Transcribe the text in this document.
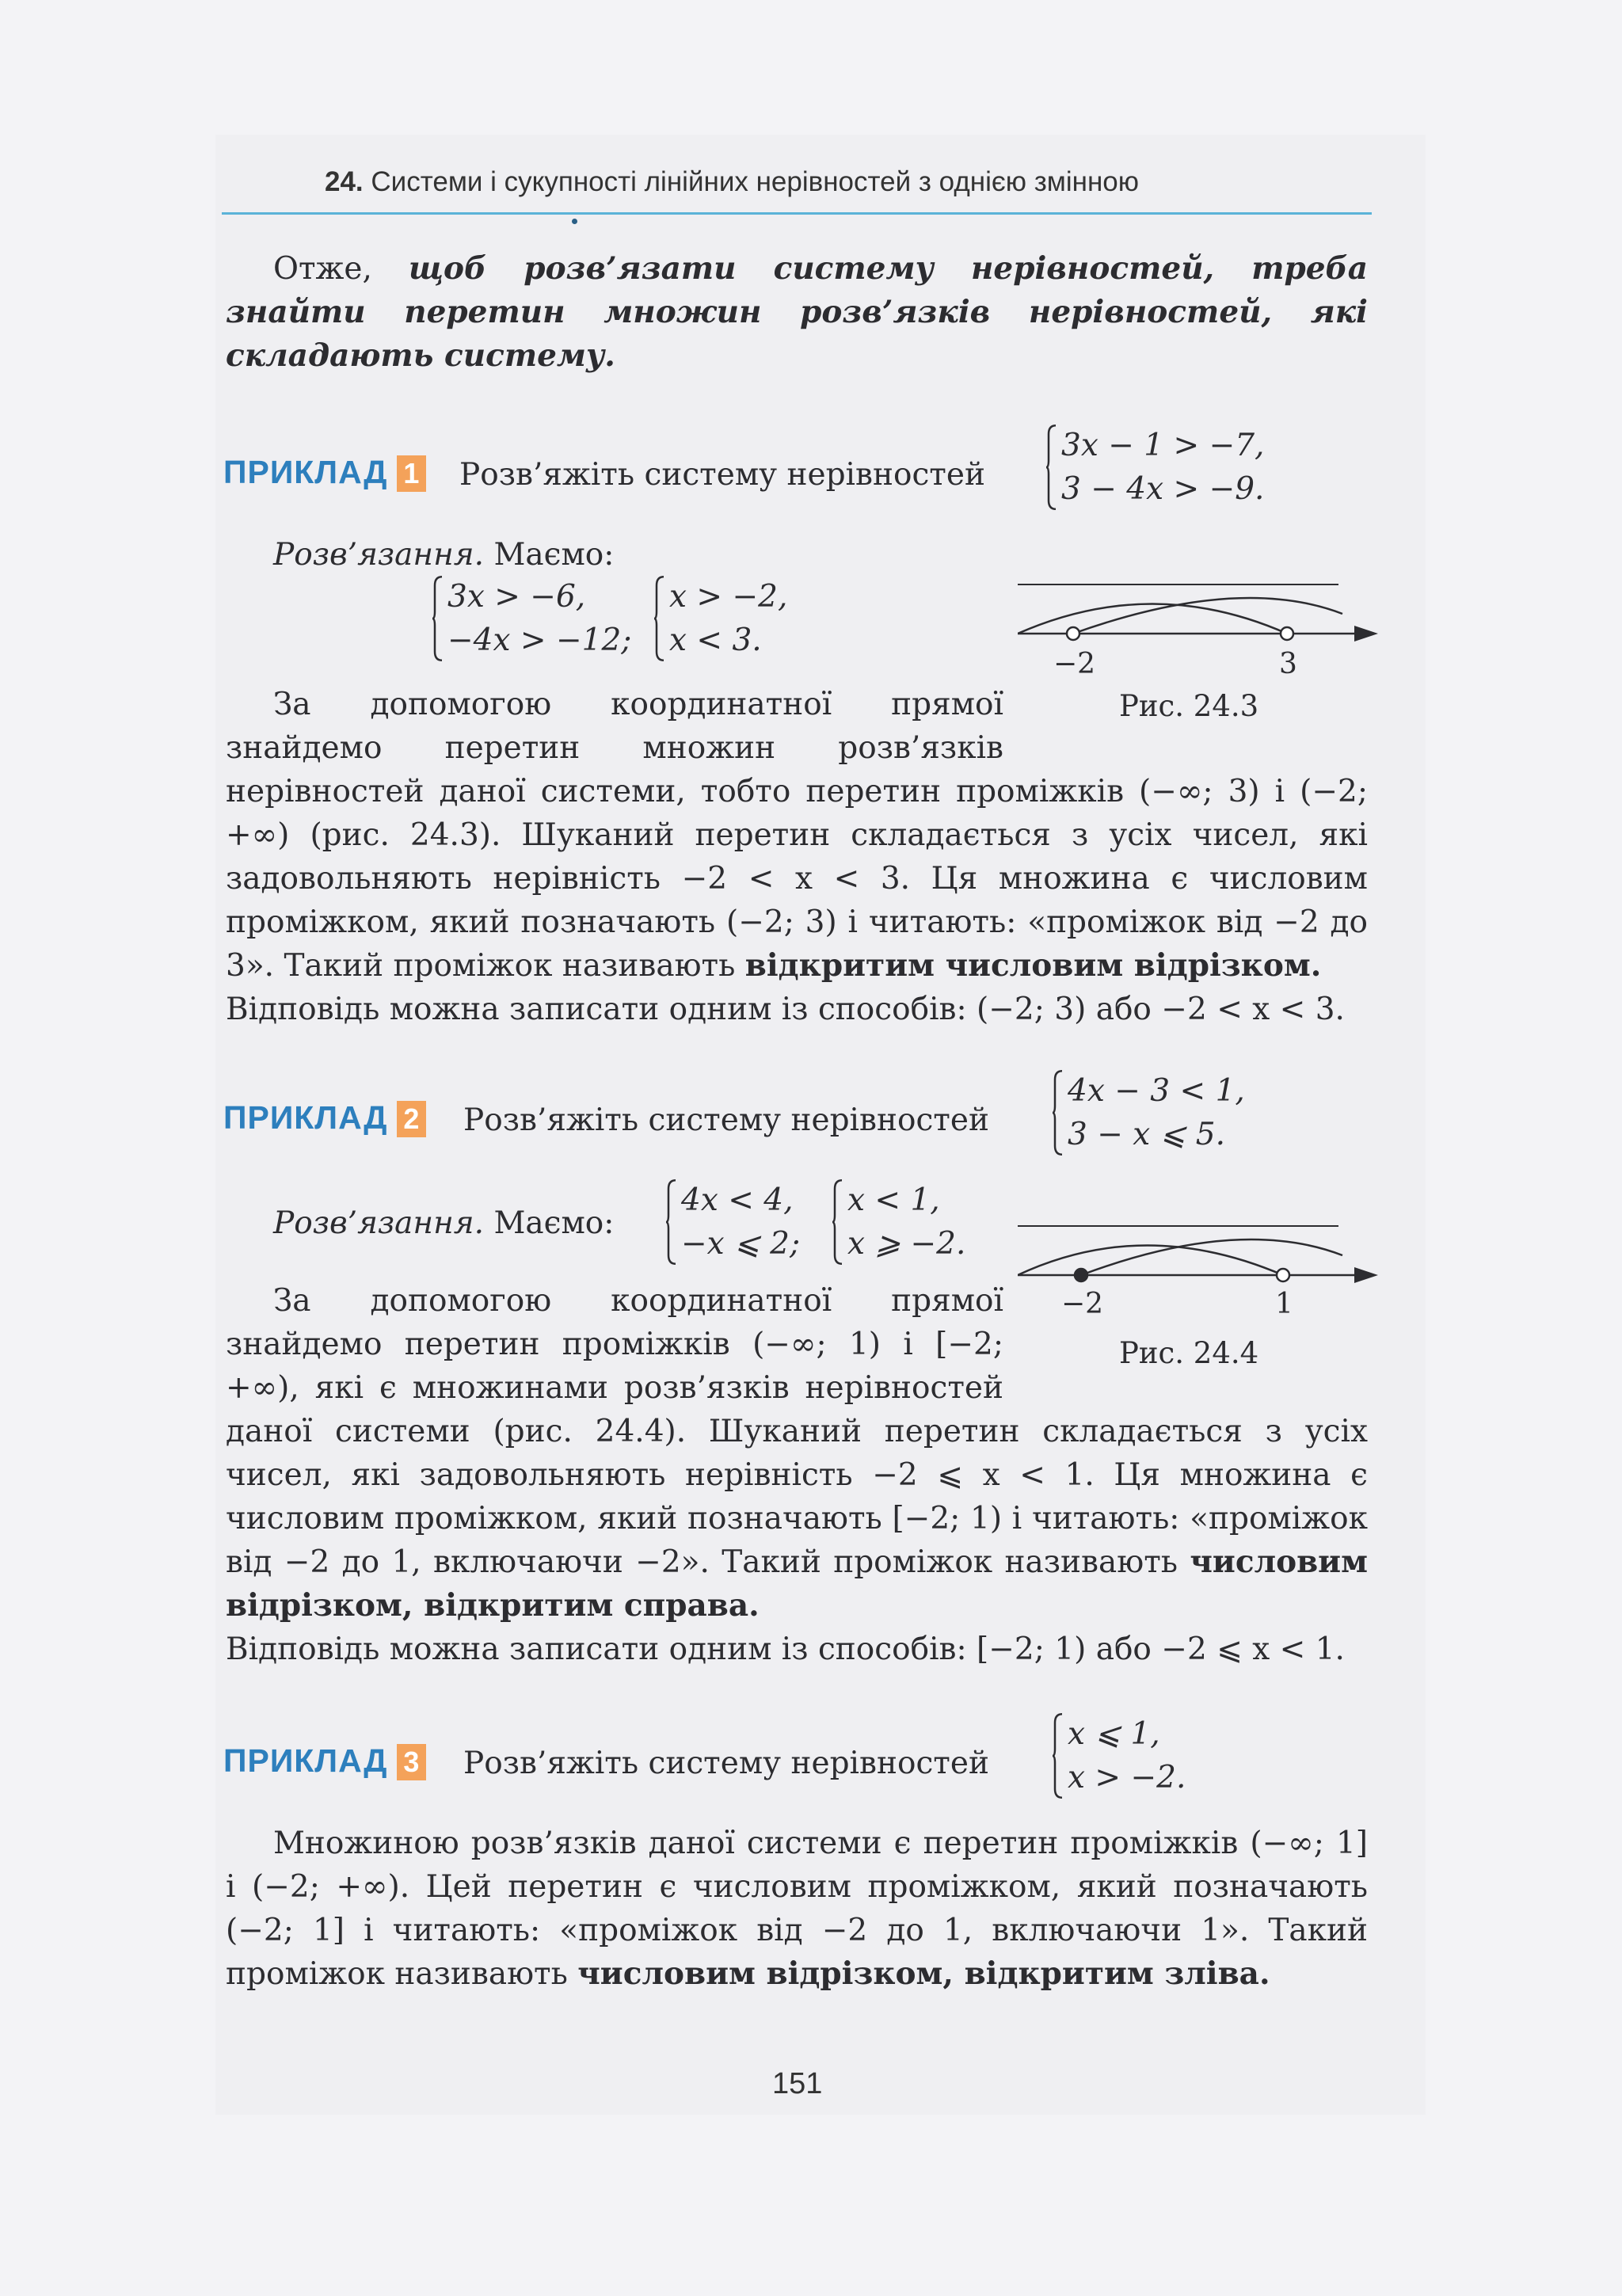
24. Системи і сукупності лінійних нерівностей з однією змінною
Отже, щоб розв’язати систему нерівностей, треба знайти перетин множин розв’язків нерівностей, які складають систему.
ПРИКЛАД 1 Розв’яжіть систему нерівностей
3x − 1 > −7,
3 − 4x > −9.
Розв’язання. Маємо:
3x > −6,
−4x > −12;
x > −2,
x < 3.
−2	3
Рис. 24.3
За допомогою координатної прямої знайдемо перетин множин розв’язків нерівностей даної системи, тобто перетин проміжків (−∞; 3) і (−2; +∞) (рис. 24.3). Шуканий перетин складається з усіх чисел, які задовольняють нерівність −2 < x < 3. Ця множина є числовим проміжком, який позначають (−2; 3) і читають: «проміжок від −2 до 3». Такий проміжок називають відкритим числовим відрізком.
Відповідь можна записати одним із способів: (−2; 3) або −2 < x < 3.
ПРИКЛАД 2 Розв’яжіть систему нерівностей
4x − 3 < 1,
3 − x ⩽ 5.
Розв’язання. Маємо:
4x < 4,
−x ⩽ 2;
x < 1,
x ⩾ −2.
−2	1
Рис. 24.4
За допомогою координатної прямої знайдемо перетин проміжків (−∞; 1) і [−2; +∞), які є множинами розв’язків нерівностей даної системи (рис. 24.4). Шуканий перетин складається з усіх чисел, які задовольняють нерівність −2 ⩽ x < 1. Ця множина є числовим проміжком, який позначають [−2; 1) і читають: «проміжок від −2 до 1, включаючи −2». Такий проміжок називають числовим відрізком, відкритим справа.
Відповідь можна записати одним із способів: [−2; 1) або −2 ⩽ x < 1.
ПРИКЛАД 3 Розв’яжіть систему нерівностей
x ⩽ 1,
x > −2.
Множиною розв’язків даної системи є перетин проміжків (−∞; 1] і (−2; +∞). Цей перетин є числовим проміжком, який позначають (−2; 1] і читають: «проміжок від −2 до 1, включаючи 1». Такий проміжок називають числовим відрізком, відкритим зліва.
151
